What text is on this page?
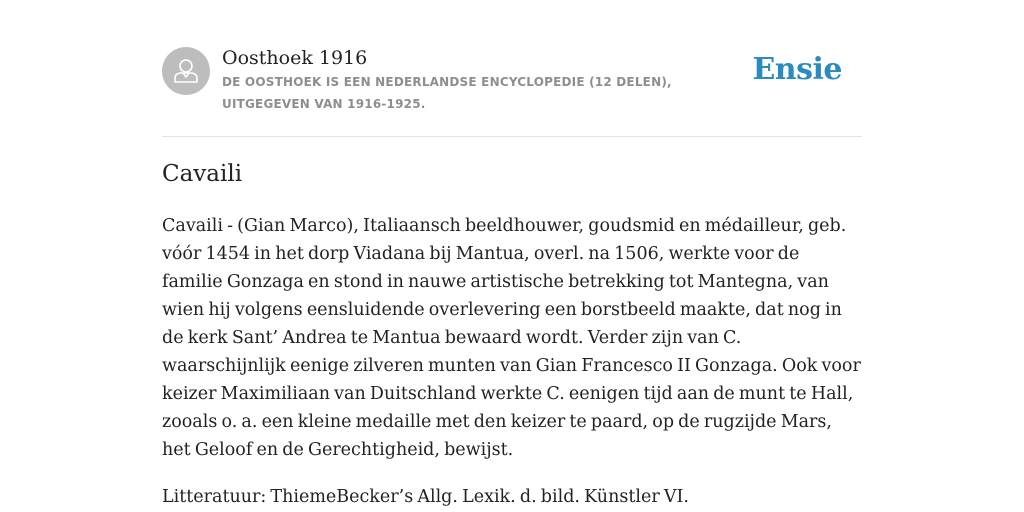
Oosthoek 1916

DE OOSTHOEK IS EEN NEDERLANDSE ENCYCLOPEDIE (12 DELEN), UITGEGEVEN VAN 1916-1925.

Ensie
Cavaili

Cavaili - (Gian Marco), Italiaansch beeldhouwer, goudsmid en médailleur, geb. vóór 1454 in het dorp Viadana bij Mantua, overl. na 1506, werkte voor de familie Gonzaga en stond in nauwe artistische betrekking tot Mantegna, van wien hij volgens eensluidende overlevering een borstbeeld maakte, dat nog in de kerk Sant’ Andrea te Mantua bewaard wordt. Verder zijn van C. waarschijnlijk eenige zilveren munten van Gian Francesco II Gonzaga. Ook voor keizer Maximiliaan van Duitschland werkte C. eenigen tijd aan de munt te Hall, zooals o. a. een kleine medaille met den keizer te paard, op de rugzijde Mars, het Geloof en de Gerechtigheid, bewijst.

Litteratuur: ThiemeBecker’s Allg. Lexik. d. bild. Künstler VI.
